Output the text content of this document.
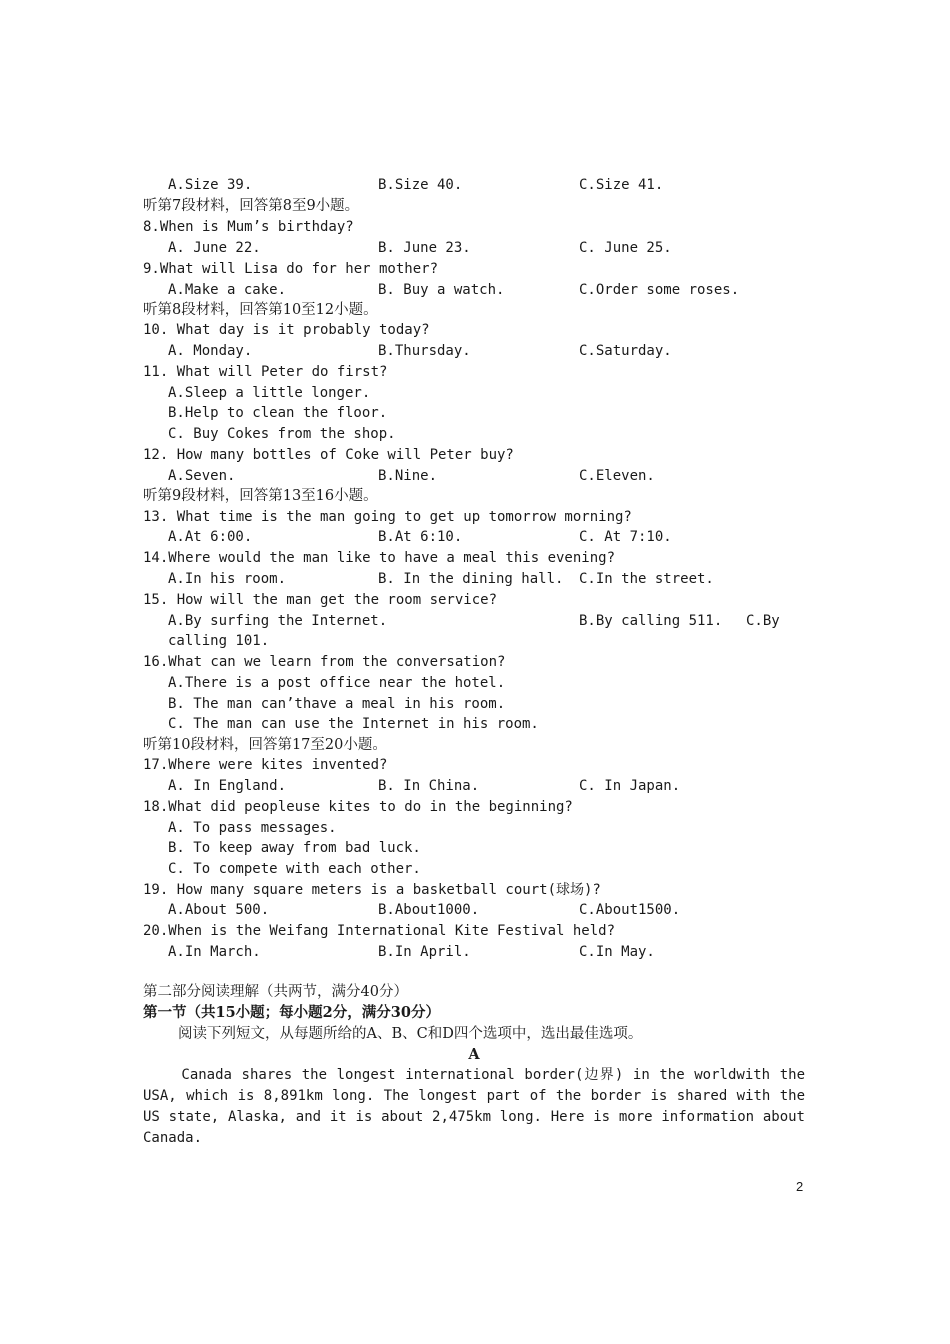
A.Size 39.	B.Size 40.	C.Size 41.
听第7段材料，回答第8至9小题。
8.When is Mum’s birthday?
A. June 22.	B. June 23.	C. June 25.
9.What will Lisa do for her mother?
A.Make a cake.	B. Buy a watch.	C.Order some roses.
听第8段材料，回答第10至12小题。
10. What day is it probably today?
A. Monday.	B.Thursday.	C.Saturday.
11. What will Peter do first?
A.Sleep a little longer.
B.Help to clean the floor.
C. Buy Cokes from the shop.
12. How many bottles of Coke will Peter buy?
A.Seven.	B.Nine.	C.Eleven.
听第9段材料，回答第13至16小题。
13. What time is the man going to get up tomorrow morning?
A.At 6:00.	B.At 6:10.	C. At 7:10.
14.Where would the man like to have a meal this evening?
A.In his room.	B. In the dining hall. C.In the street.
15. How will the man get the room service?
A.By surfing the Internet.	B.By calling 511. C.By
calling 101.
16.What can we learn from the conversation?
A.There is a post office near the hotel.
B. The man can’thave a meal in his room.
C. The man can use the Internet in his room.
听第10段材料，回答第17至20小题。
17.Where were kites invented?
A. In England.	B. In China.	C. In Japan.
18.What did peopleuse kites to do in the beginning?
A. To pass messages.
B. To keep away from bad luck.
C. To compete with each other.
19. How many square meters is a basketball court(球场)?
A.About 500.	B.About1000.	C.About1500.
20.When is the Weifang International Kite Festival held?
A.In March.	B.In April.	C.In May.
第二部分阅读理解（共两节，满分40分）
第一节（共15小题；每小题2分，满分30分）
阅读下列短文，从每题所给的A、B、C和D四个选项中，选出最佳选项。
A
Canada shares the longest international border(边界) in the worldwith the
USA, which is 8,891km long. The longest part of the border is shared with the
US state, Alaska, and it is about 2,475km long. Here is more information about
Canada.
2
